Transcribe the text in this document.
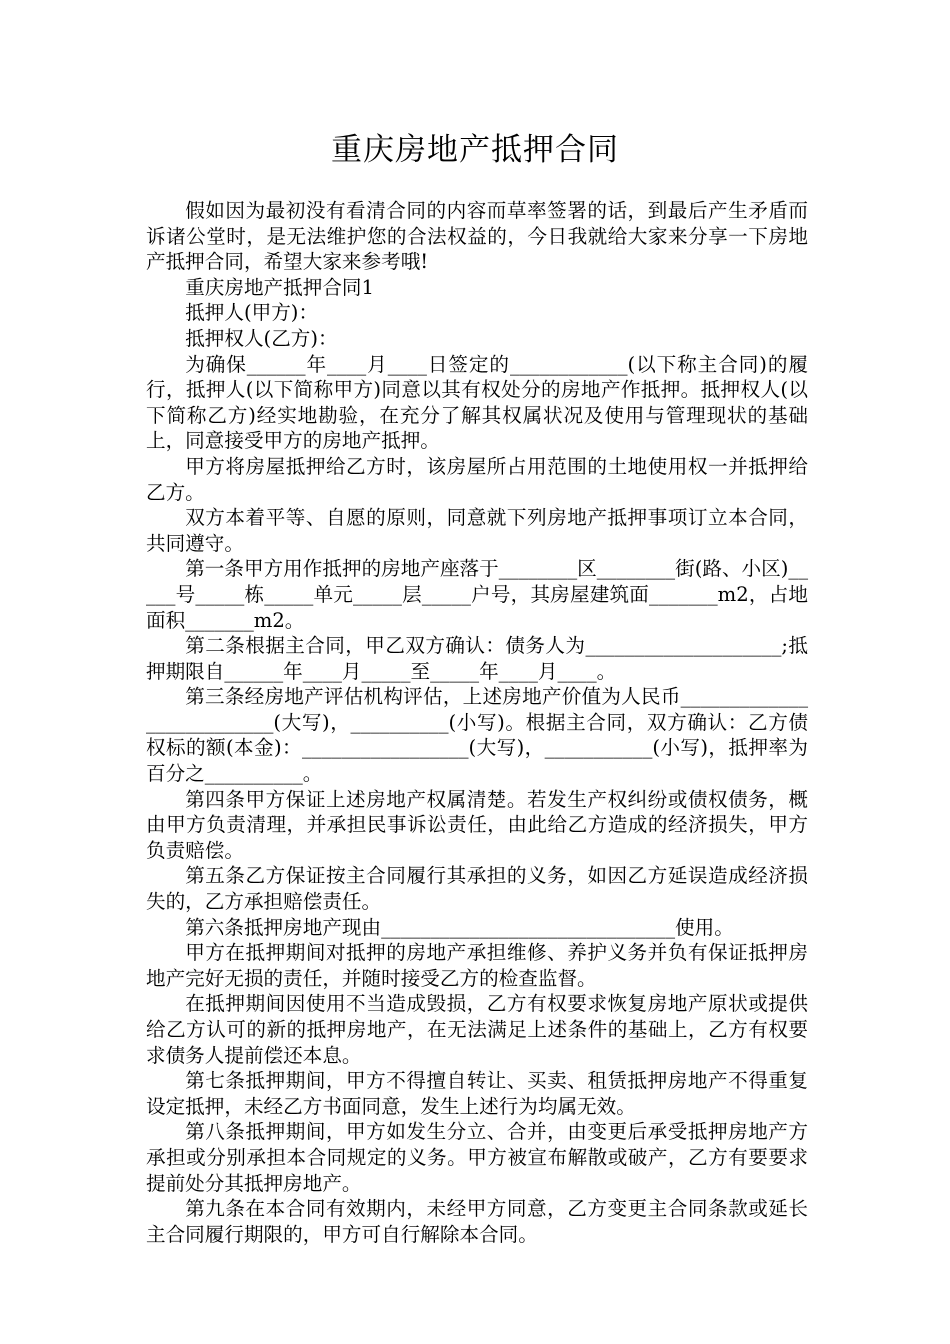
重庆房地产抵押合同

假如因为最初没有看清合同的内容而草率签署的话，到最后产生矛盾而诉诸公堂时，是无法维护您的合法权益的，今日我就给大家来分享一下房地产抵押合同，希望大家来参考哦!

重庆房地产抵押合同1

抵押人(甲方)：

抵押权人(乙方)：

为确保______年____月____日签定的____________(以下称主合同)的履行，抵押人(以下简称甲方)同意以其有权处分的房地产作抵押。抵押权人(以下简称乙方)经实地勘验，在充分了解其权属状况及使用与管理现状的基础上，同意接受甲方的房地产抵押。

甲方将房屋抵押给乙方时，该房屋所占用范围的土地使用权一并抵押给乙方。

双方本着平等、自愿的原则，同意就下列房地产抵押事项订立本合同，共同遵守。

第一条甲方用作抵押的房地产座落于________区________街(路、小区)_____号_____栋_____单元_____层_____户号，其房屋建筑面_______m2，占地面积_______m2。

第二条根据主合同，甲乙双方确认：债务人为____________________;抵押期限自______年____月_____至_____年____月____。

第三条经房地产评估机构评估，上述房地产价值为人民币__________________________(大写)，__________(小写)。根据主合同，双方确认：乙方债权标的额(本金)：_________________(大写)，___________(小写)，抵押率为百分之__________。

第四条甲方保证上述房地产权属清楚。若发生产权纠纷或债权债务，概由甲方负责清理，并承担民事诉讼责任，由此给乙方造成的经济损失，甲方负责赔偿。

第五条乙方保证按主合同履行其承担的义务，如因乙方延误造成经济损失的，乙方承担赔偿责任。

第六条抵押房地产现由______________________________使用。

甲方在抵押期间对抵押的房地产承担维修、养护义务并负有保证抵押房地产完好无损的责任，并随时接受乙方的检查监督。

在抵押期间因使用不当造成毁损，乙方有权要求恢复房地产原状或提供给乙方认可的新的抵押房地产，在无法满足上述条件的基础上，乙方有权要求债务人提前偿还本息。

第七条抵押期间，甲方不得擅自转让、买卖、租赁抵押房地产不得重复设定抵押，未经乙方书面同意，发生上述行为均属无效。

第八条抵押期间，甲方如发生分立、合并，由变更后承受抵押房地产方承担或分别承担本合同规定的义务。甲方被宣布解散或破产，乙方有要要求提前处分其抵押房地产。

第九条在本合同有效期内，未经甲方同意，乙方变更主合同条款或延长主合同履行期限的，甲方可自行解除本合同。
